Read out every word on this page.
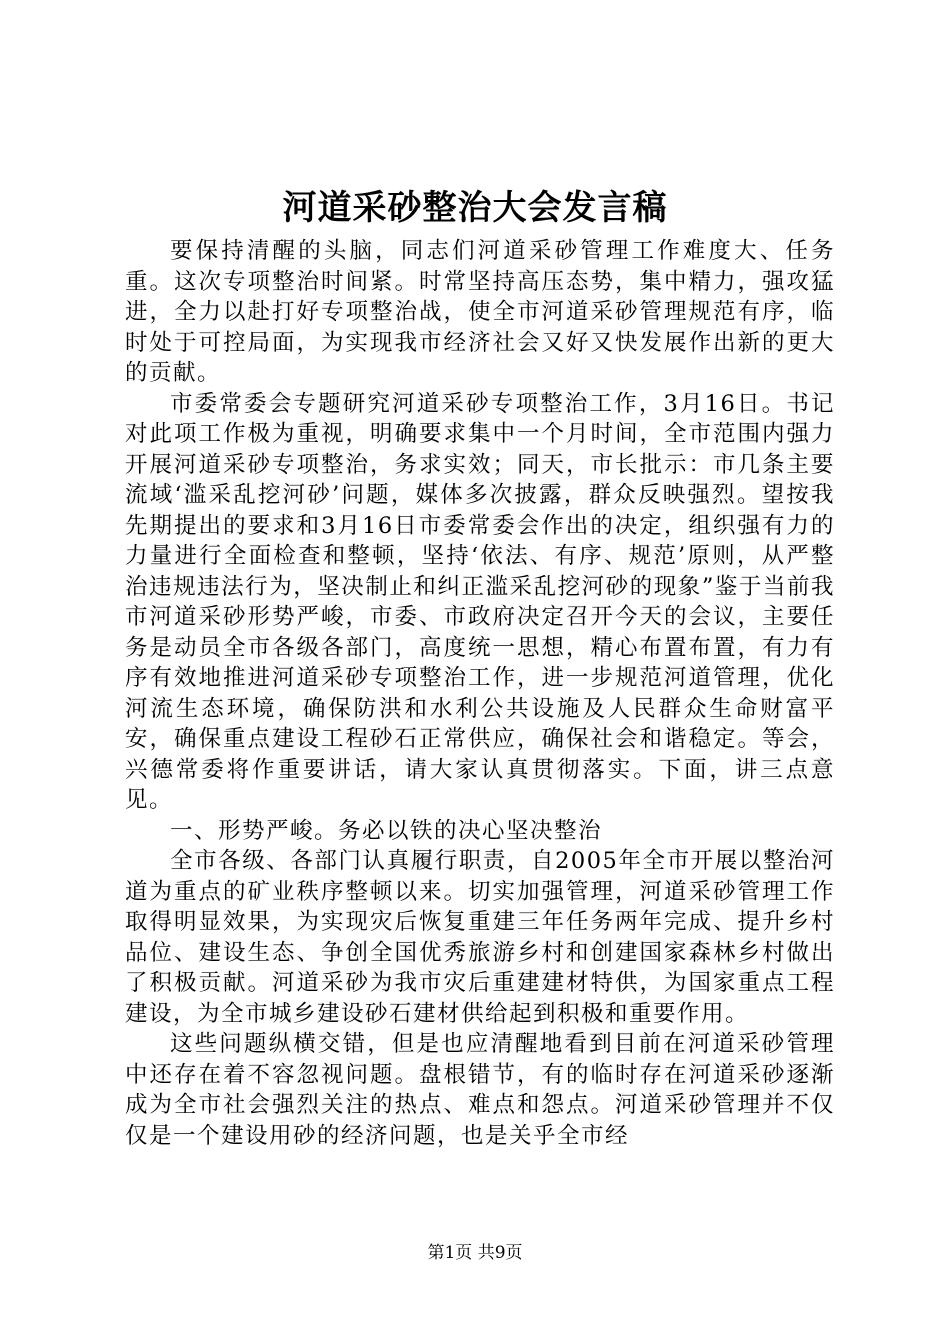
河道采砂整治大会发言稿

要保持清醒的头脑，同志们河道采砂管理工作难度大、任务重。这次专项整治时间紧。时常坚持高压态势，集中精力，强攻猛进，全力以赴打好专项整治战，使全市河道采砂管理规范有序，临时处于可控局面，为实现我市经济社会又好又快发展作出新的更大的贡献。

市委常委会专题研究河道采砂专项整治工作，3月16日。书记对此项工作极为重视，明确要求集中一个月时间，全市范围内强力开展河道采砂专项整治，务求实效；同天，市长批示：市几条主要流域‘滥采乱挖河砂’问题，媒体多次披露，群众反映强烈。望按我先期提出的要求和3月16日市委常委会作出的决定，组织强有力的力量进行全面检查和整顿，坚持‘依法、有序、规范’原则，从严整治违规违法行为，坚决制止和纠正滥采乱挖河砂的现象”鉴于当前我市河道采砂形势严峻，市委、市政府决定召开今天的会议，主要任务是动员全市各级各部门，高度统一思想，精心布置布置，有力有序有效地推进河道采砂专项整治工作，进一步规范河道管理，优化河流生态环境，确保防洪和水利公共设施及人民群众生命财富平安，确保重点建设工程砂石正常供应，确保社会和谐稳定。等会，兴德常委将作重要讲话，请大家认真贯彻落实。下面，讲三点意见。

一、形势严峻。务必以铁的决心坚决整治

全市各级、各部门认真履行职责，自2005年全市开展以整治河道为重点的矿业秩序整顿以来。切实加强管理，河道采砂管理工作取得明显效果，为实现灾后恢复重建三年任务两年完成、提升乡村品位、建设生态、争创全国优秀旅游乡村和创建国家森林乡村做出了积极贡献。河道采砂为我市灾后重建建材特供，为国家重点工程建设，为全市城乡建设砂石建材供给起到积极和重要作用。

这些问题纵横交错，但是也应清醒地看到目前在河道采砂管理中还存在着不容忽视问题。盘根错节，有的临时存在河道采砂逐渐成为全市社会强烈关注的热点、难点和怨点。河道采砂管理并不仅仅是一个建设用砂的经济问题，也是关乎全市经

第1页 共9页
